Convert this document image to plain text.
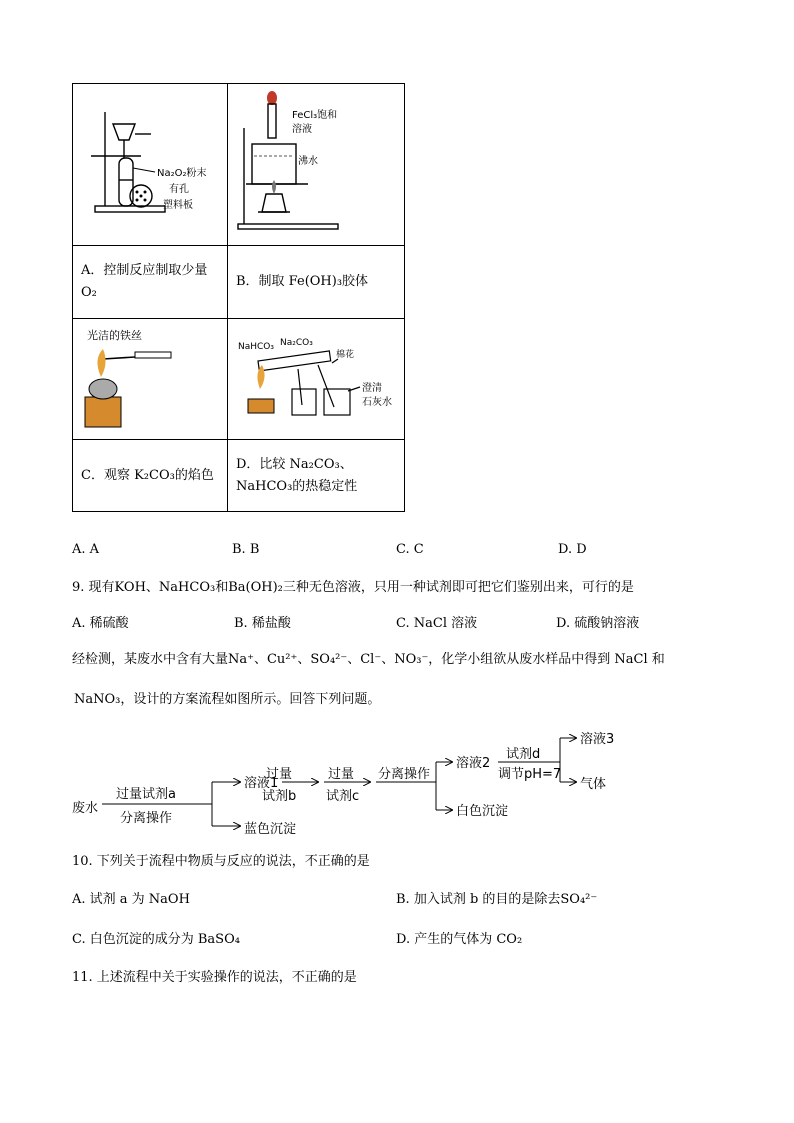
Na₂O₂粉末
有孔
塑料板	FeCl₃饱和
溶液
沸水

A．控制反应制取少量
O₂	B．制取 Fe(OH)₃胶体

光洁的铁丝	NaHCO₃ Na₂CO₃
棉花
澄清
石灰水

C．观察 K₂CO₃的焰色	D．比较 Na₂CO₃、
NaHCO₃的热稳定性
A. A	B. B	C. C	D. D
9. 现有KOH、NaHCO₃和Ba(OH)₂三种无色溶液，只用一种试剂即可把它们鉴别出来，可行的是
A. 稀硫酸	B. 稀盐酸	C. NaCl 溶液	D. 硫酸钠溶液
经检测，某废水中含有大量Na⁺、Cu²⁺、SO₄²⁻、Cl⁻、NO₃⁻，化学小组欲从废水样品中得到 NaCl 和
NaNO₃，设计的方案流程如图所示。回答下列问题。
废水
过量试剂a
分离操作
溶液1
蓝色沉淀
过量
试剂b
过量
试剂c
分离操作
溶液2
白色沉淀
试剂d
调节pH=7
溶液3
气体
10. 下列关于流程中物质与反应的说法，不正确的是
A. 试剂 a 为 NaOH	B. 加入试剂 b 的目的是除去SO₄²⁻
C. 白色沉淀的成分为 BaSO₄	D. 产生的气体为 CO₂
11. 上述流程中关于实验操作的说法，不正确的是
